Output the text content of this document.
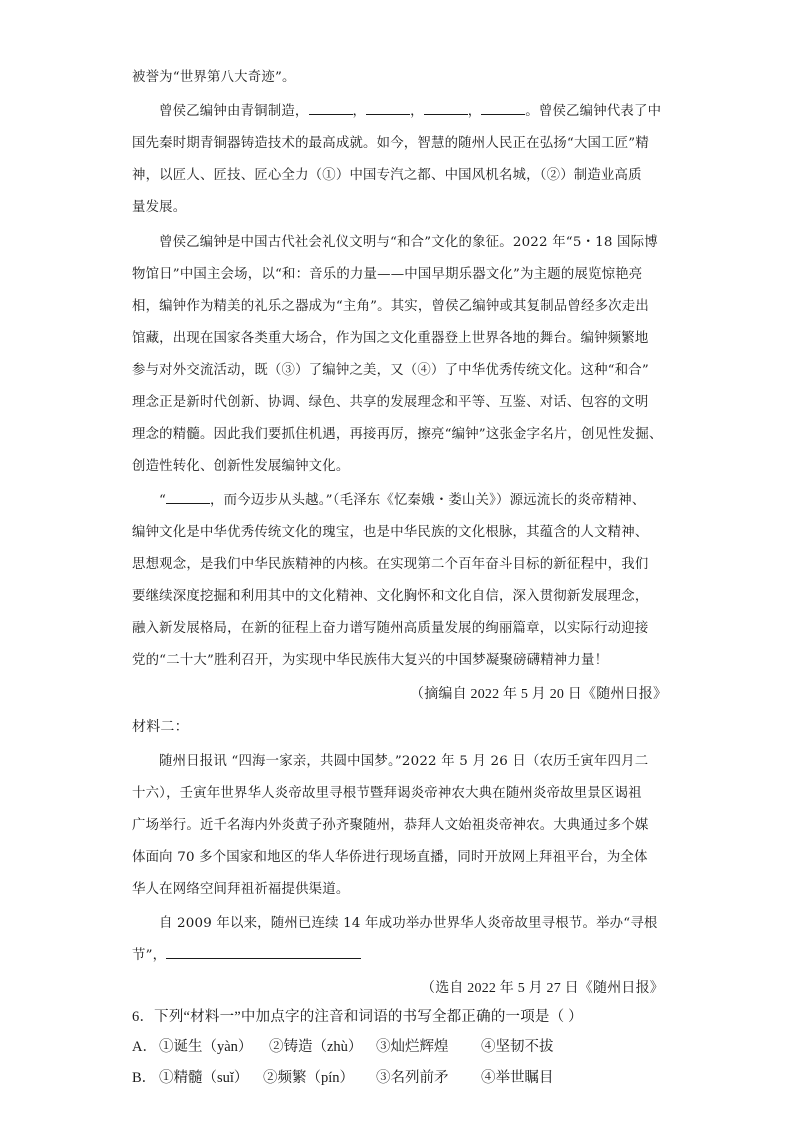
被誉为“世界第八大奇迹”。
曾侯乙编钟由青铜制造，	，	，	，	。曾侯乙编钟代表了中
国先秦时期青铜器铸造技术的最高成就。如今，智慧的随州人民正在弘扬“大国工匠”精
神，以匠人、匠技、匠心全力（①）中国专汽之都、中国风机名城，（②）制造业高质
量发展。
曾侯乙编钟是中国古代社会礼仪文明与“和合”文化的象征。2022 年“5・18 国际博
物馆日”中国主会场，以“和：音乐的力量——中国早期乐器文化”为主题的展览惊艳亮
相，编钟作为精美的礼乐之器成为“主角”。其实，曾侯乙编钟或其复制品曾经多次走出
馆藏，出现在国家各类重大场合，作为国之文化重器登上世界各地的舞台。编钟频繁地
参与对外交流活动，既（③）了编钟之美，又（④）了中华优秀传统文化。这种“和合”
理念正是新时代创新、协调、绿色、共享的发展理念和平等、互鉴、对话、包容的文明
理念的精髓。因此我们要抓住机遇，再接再厉，擦亮“编钟”这张金字名片，创见性发掘、
创造性转化、创新性发展编钟文化。
“	，而今迈步从头越。”（毛泽东《忆秦娥・娄山关》）源远流长的炎帝精神、
编钟文化是中华优秀传统文化的瑰宝，也是中华民族的文化根脉，其蕴含的人文精神、
思想观念，是我们中华民族精神的内核。在实现第二个百年奋斗目标的新征程中，我们
要继续深度挖掘和利用其中的文化精神、文化胸怀和文化自信，深入贯彻新发展理念，
融入新发展格局，在新的征程上奋力谱写随州高质量发展的绚丽篇章，以实际行动迎接
党的“二十大”胜利召开，为实现中华民族伟大复兴的中国梦凝聚磅礴精神力量！
（摘编自 2022 年 5 月 20 日《随州日报》
材料二：
随州日报讯 “四海一家亲，共圆中国梦。”2022 年 5 月 26 日（农历壬寅年四月二
十六），壬寅年世界华人炎帝故里寻根节暨拜谒炎帝神农大典在随州炎帝故里景区谒祖
广场举行。近千名海内外炎黄子孙齐聚随州，恭拜人文始祖炎帝神农。大典通过多个媒
体面向 70 多个国家和地区的华人华侨进行现场直播，同时开放网上拜祖平台，为全体
华人在网络空间拜祖祈福提供渠道。
自 2009 年以来，随州已连续 14 年成功举办世界华人炎帝故里寻根节。举办“寻根
节”，
（选自 2022 年 5 月 27 日《随州日报》
6．下列“材料一”中加点字的注音和词语的书写全都正确的一项是（ ）
A． ①诞生（yàn） ②铸造（zhù） ③灿烂辉煌 ④坚韧不拔
B． ①精髓（suǐ） ②频繁（pín） ③名列前矛 ④举世瞩目
